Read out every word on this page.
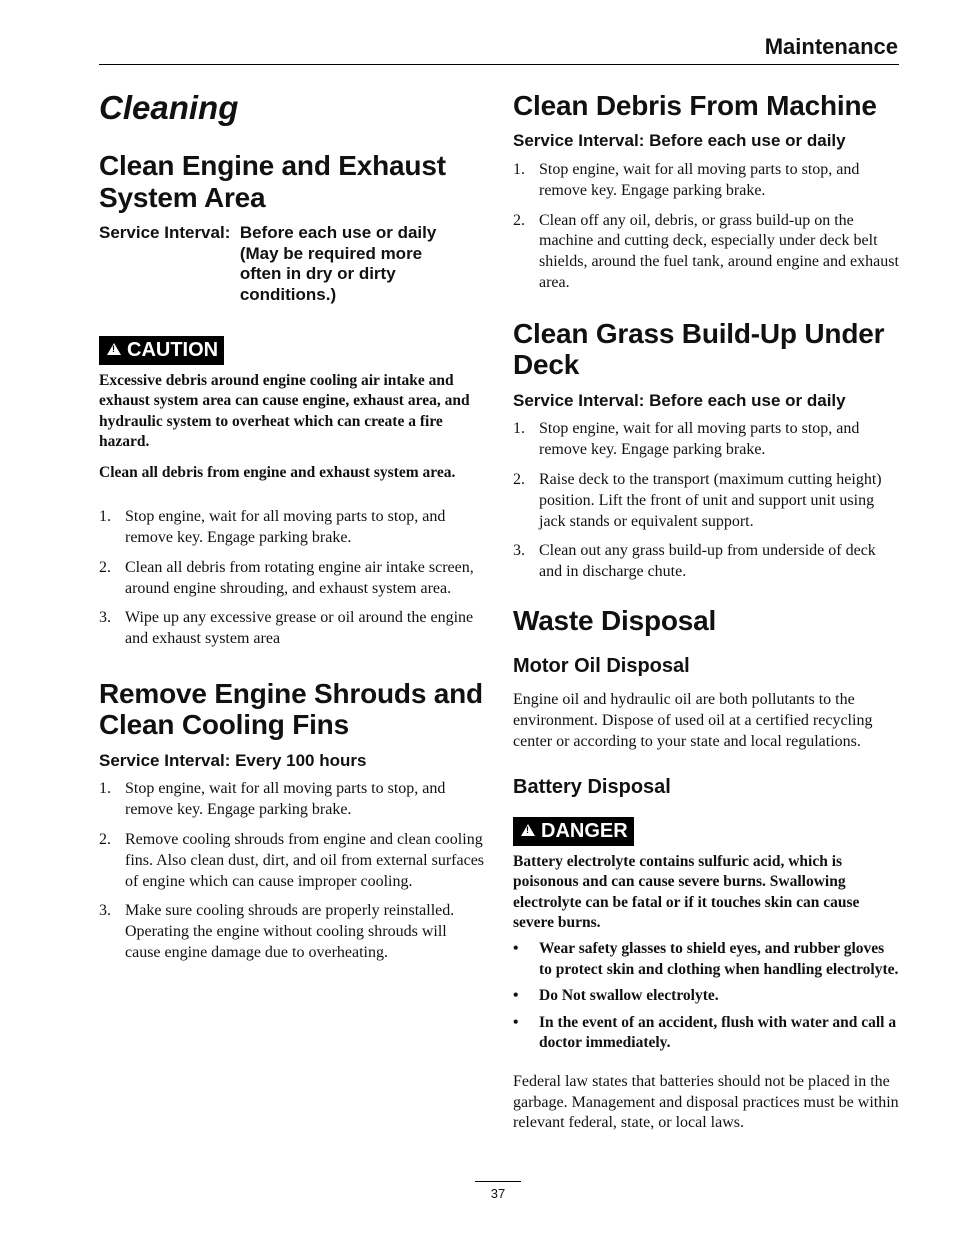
Maintenance
Cleaning
Clean Engine and Exhaust System Area
Service Interval: Before each use or daily
(May be required more
often in dry or dirty
conditions.)
!
CAUTION

Excessive debris around engine cooling air intake and exhaust system area can cause engine, exhaust area, and hydraulic system to overheat which can create a fire hazard.

Clean all debris from engine and exhaust system area.

1. Stop engine, wait for all moving parts to stop, and remove key. Engage parking brake.
2. Clean all debris from rotating engine air intake screen, around engine shrouding, and exhaust system area.
3. Wipe up any excessive grease or oil around the engine and exhaust system area
Remove Engine Shrouds and Clean Cooling Fins
Service Interval: Every 100 hours
1. Stop engine, wait for all moving parts to stop, and remove key. Engage parking brake.
2. Remove cooling shrouds from engine and clean cooling fins. Also clean dust, dirt, and oil from external surfaces of engine which can cause improper cooling.
3. Make sure cooling shrouds are properly reinstalled. Operating the engine without cooling shrouds will cause engine damage due to overheating.
Clean Debris From Machine
Service Interval: Before each use or daily
1. Stop engine, wait for all moving parts to stop, and remove key. Engage parking brake.
2. Clean off any oil, debris, or grass build-up on the machine and cutting deck, especially under deck belt shields, around the fuel tank, around engine and exhaust area.
Clean Grass Build-Up Under Deck
Service Interval: Before each use or daily
1. Stop engine, wait for all moving parts to stop, and remove key. Engage parking brake.
2. Raise deck to the transport (maximum cutting height) position. Lift the front of unit and support unit using jack stands or equivalent support.
3. Clean out any grass build-up from underside of deck and in discharge chute.
Waste Disposal
Motor Oil Disposal

Engine oil and hydraulic oil are both pollutants to the environment. Dispose of used oil at a certified recycling center or according to your state and local regulations.

Battery Disposal
!
DANGER

Battery electrolyte contains sulfuric acid, which is poisonous and can cause severe burns. Swallowing electrolyte can be fatal or if it touches skin can cause severe burns.

•	Wear safety glasses to shield eyes, and rubber gloves to protect skin and clothing when handling electrolyte.
•	Do Not swallow electrolyte.
•	In the event of an accident, flush with water and call a doctor immediately.

Federal law states that batteries should not be placed in the garbage. Management and disposal practices must be within relevant federal, state, or local laws.

37
